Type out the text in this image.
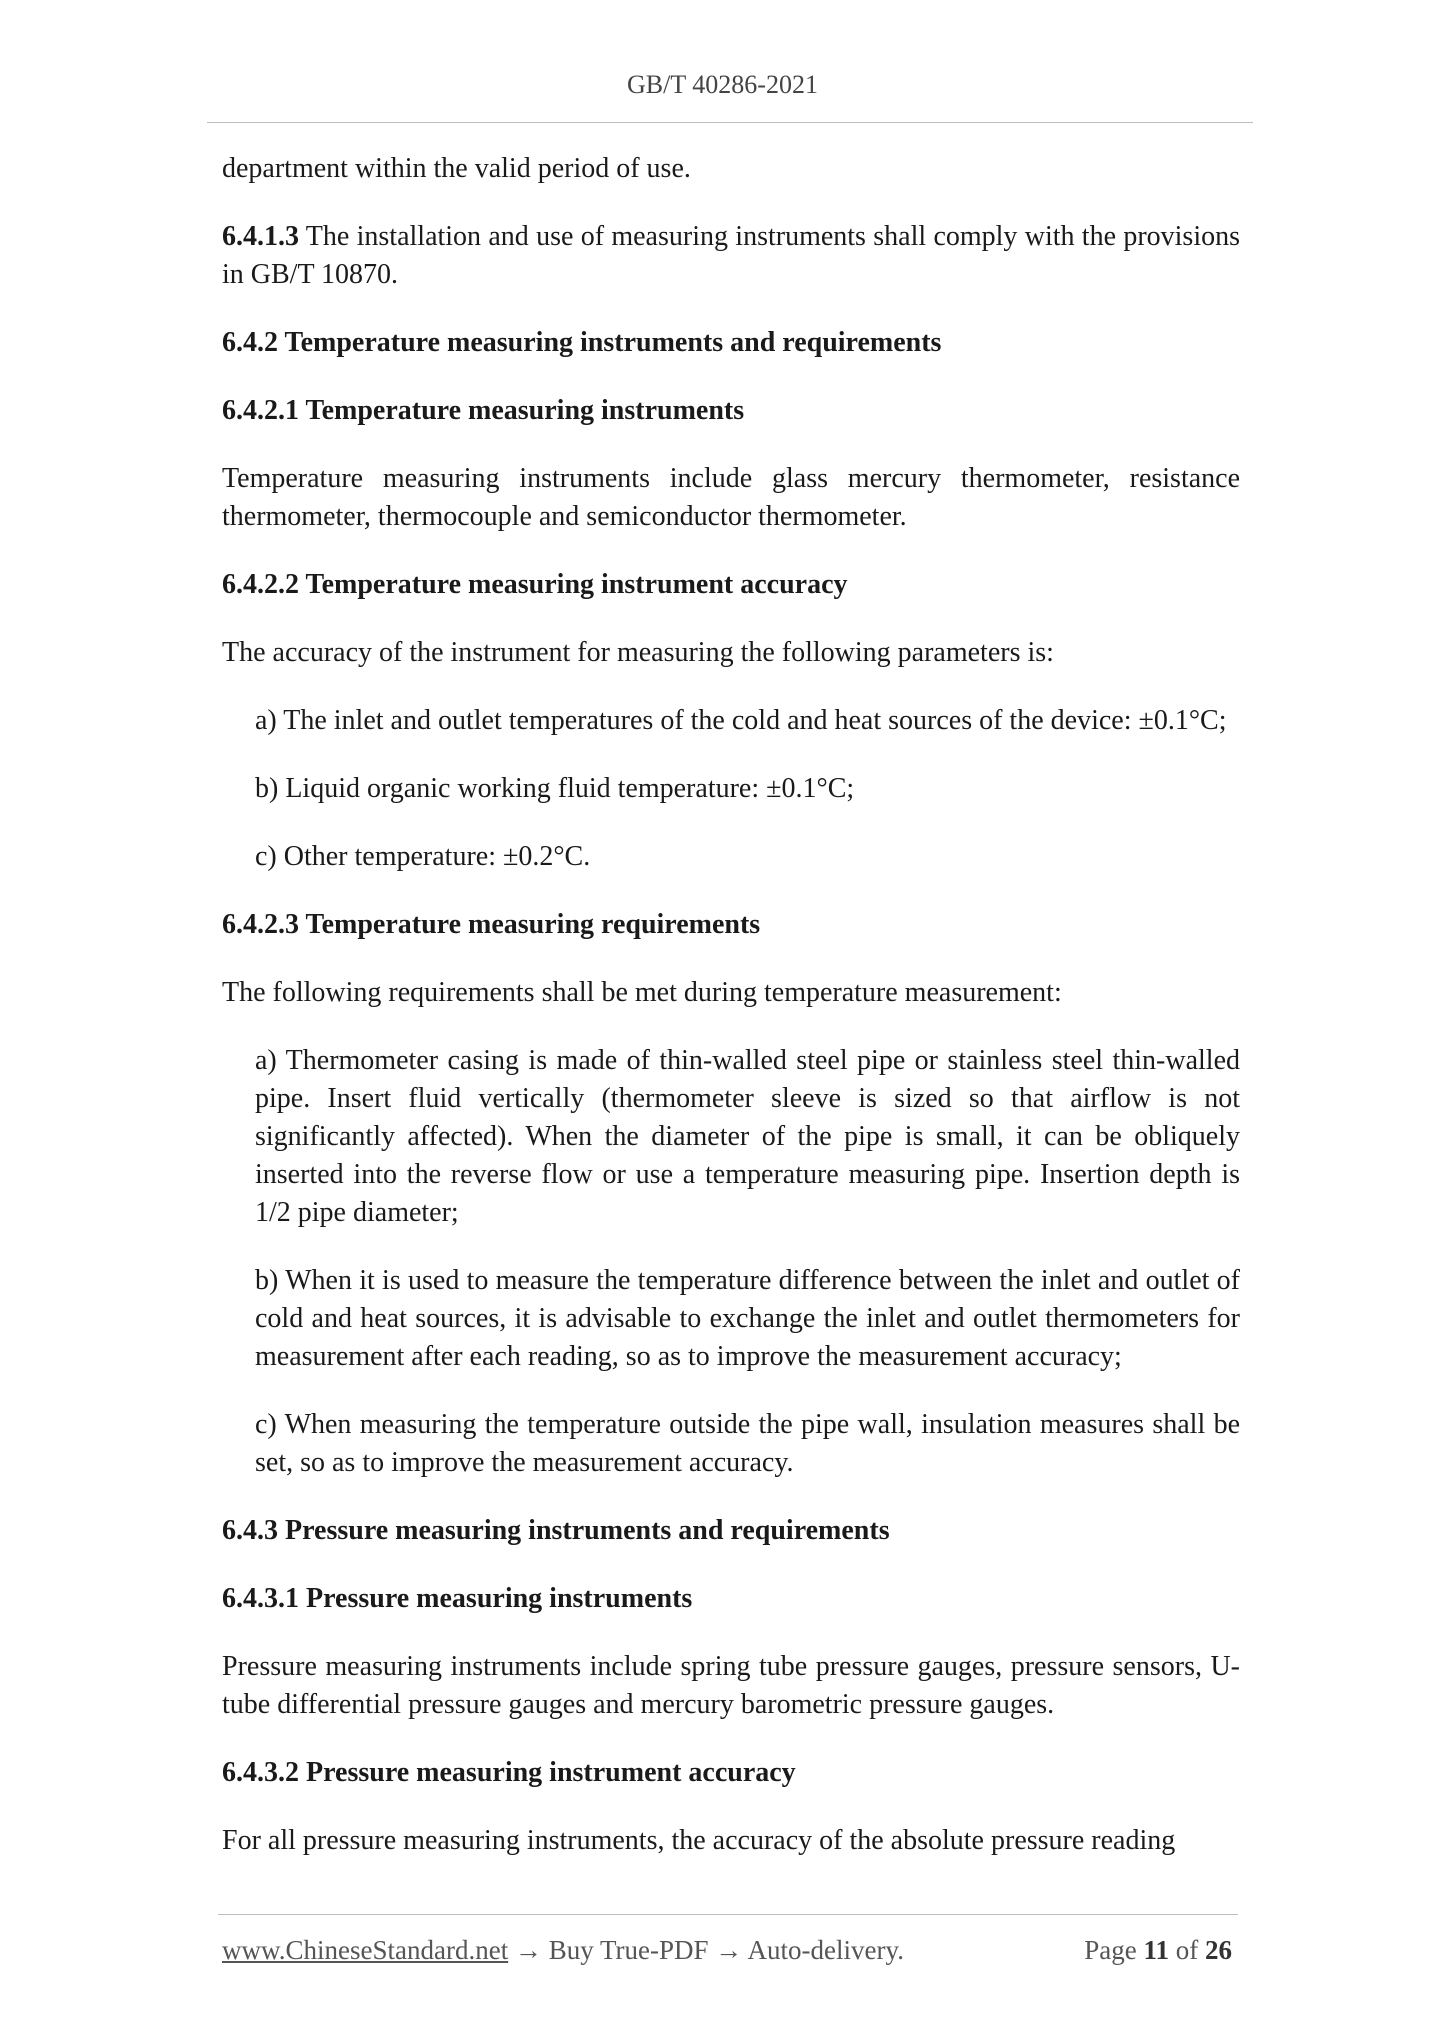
GB/T 40286-2021

department within the valid period of use.

6.4.1.3 The installation and use of measuring instruments shall comply with the provisions in GB/T 10870.

6.4.2 Temperature measuring instruments and requirements
6.4.2.1 Temperature measuring instruments

Temperature measuring instruments include glass mercury thermometer, resistance thermometer, thermocouple and semiconductor thermometer.

6.4.2.2 Temperature measuring instrument accuracy

The accuracy of the instrument for measuring the following parameters is:

a) The inlet and outlet temperatures of the cold and heat sources of the device: ±0.1°C;

b) Liquid organic working fluid temperature: ±0.1°C;

c) Other temperature: ±0.2°C.

6.4.2.3 Temperature measuring requirements

The following requirements shall be met during temperature measurement:

a) Thermometer casing is made of thin-walled steel pipe or stainless steel thin-walled pipe. Insert fluid vertically (thermometer sleeve is sized so that airflow is not significantly affected). When the diameter of the pipe is small, it can be obliquely inserted into the reverse flow or use a temperature measuring pipe. Insertion depth is 1/2 pipe diameter;

b) When it is used to measure the temperature difference between the inlet and outlet of cold and heat sources, it is advisable to exchange the inlet and outlet thermometers for measurement after each reading, so as to improve the measurement accuracy;

c) When measuring the temperature outside the pipe wall, insulation measures shall be set, so as to improve the measurement accuracy.

6.4.3 Pressure measuring instruments and requirements
6.4.3.1 Pressure measuring instruments

Pressure measuring instruments include spring tube pressure gauges, pressure sensors, U-tube differential pressure gauges and mercury barometric pressure gauges.

6.4.3.2 Pressure measuring instrument accuracy

For all pressure measuring instruments, the accuracy of the absolute pressure reading

www.ChineseStandard.net → Buy True-PDF → Auto-delivery.	Page 11 of 26
